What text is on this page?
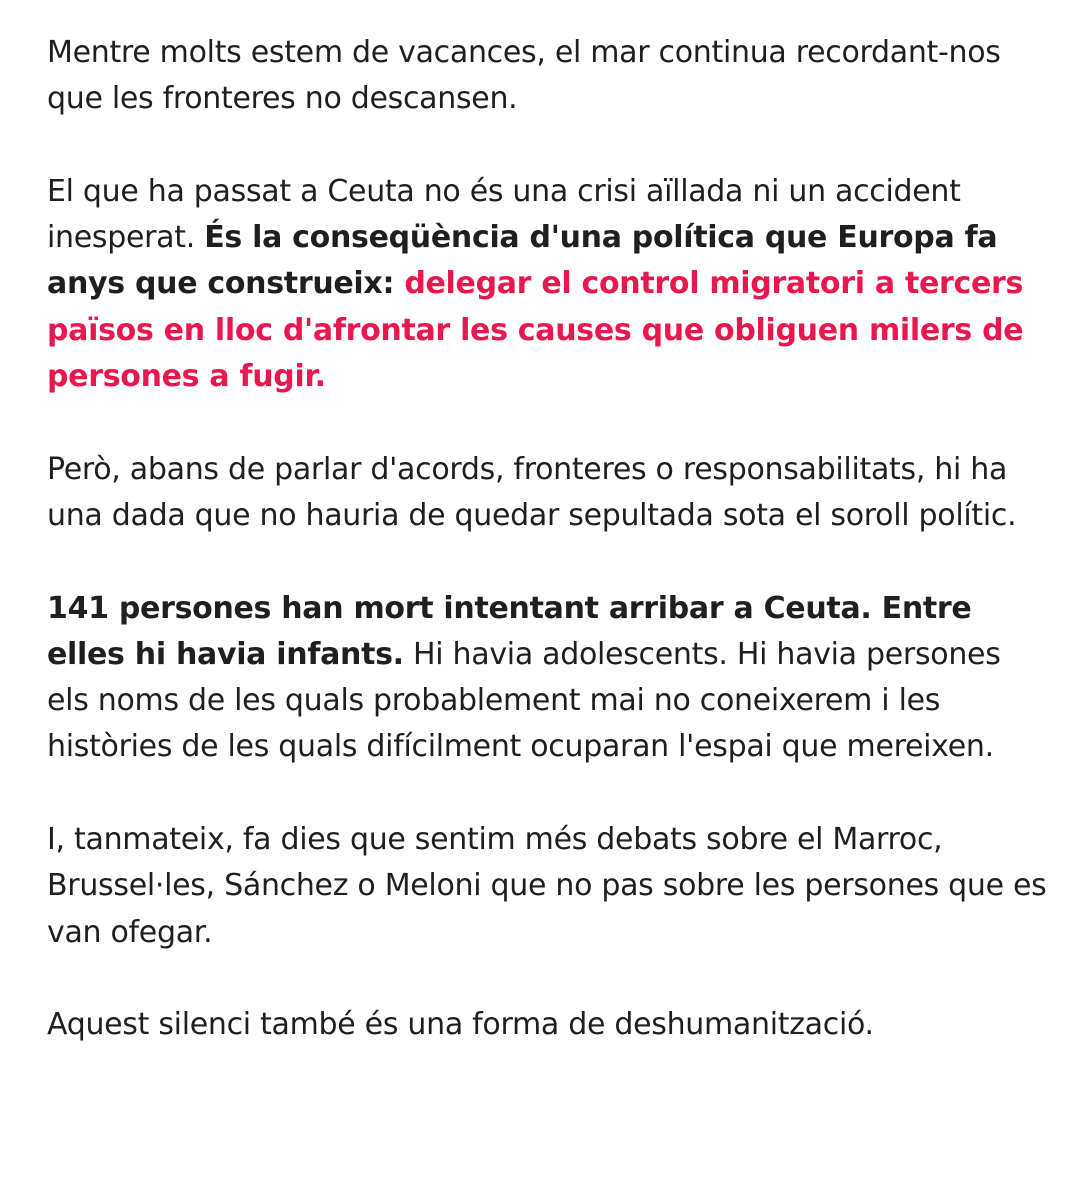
Mentre molts estem de vacances, el mar continua recordant-nos que les fronteres no descansen.

El que ha passat a Ceuta no és una crisi aïllada ni un accident inesperat. És la conseqüència d'una política que Europa fa anys que construeix: delegar el control migratori a tercers països en lloc d'afrontar les causes que obliguen milers de persones a fugir.

Però, abans de parlar d'acords, fronteres o responsabilitats, hi ha una dada que no hauria de quedar sepultada sota el soroll polític.

141 persones han mort intentant arribar a Ceuta. Entre elles hi havia infants. Hi havia adolescents. Hi havia persones els noms de les quals probablement mai no coneixerem i les històries de les quals difícilment ocuparan l'espai que mereixen.

I, tanmateix, fa dies que sentim més debats sobre el Marroc, Brussel·les, Sánchez o Meloni que no pas sobre les persones que es van ofegar.

Aquest silenci també és una forma de deshumanització.
